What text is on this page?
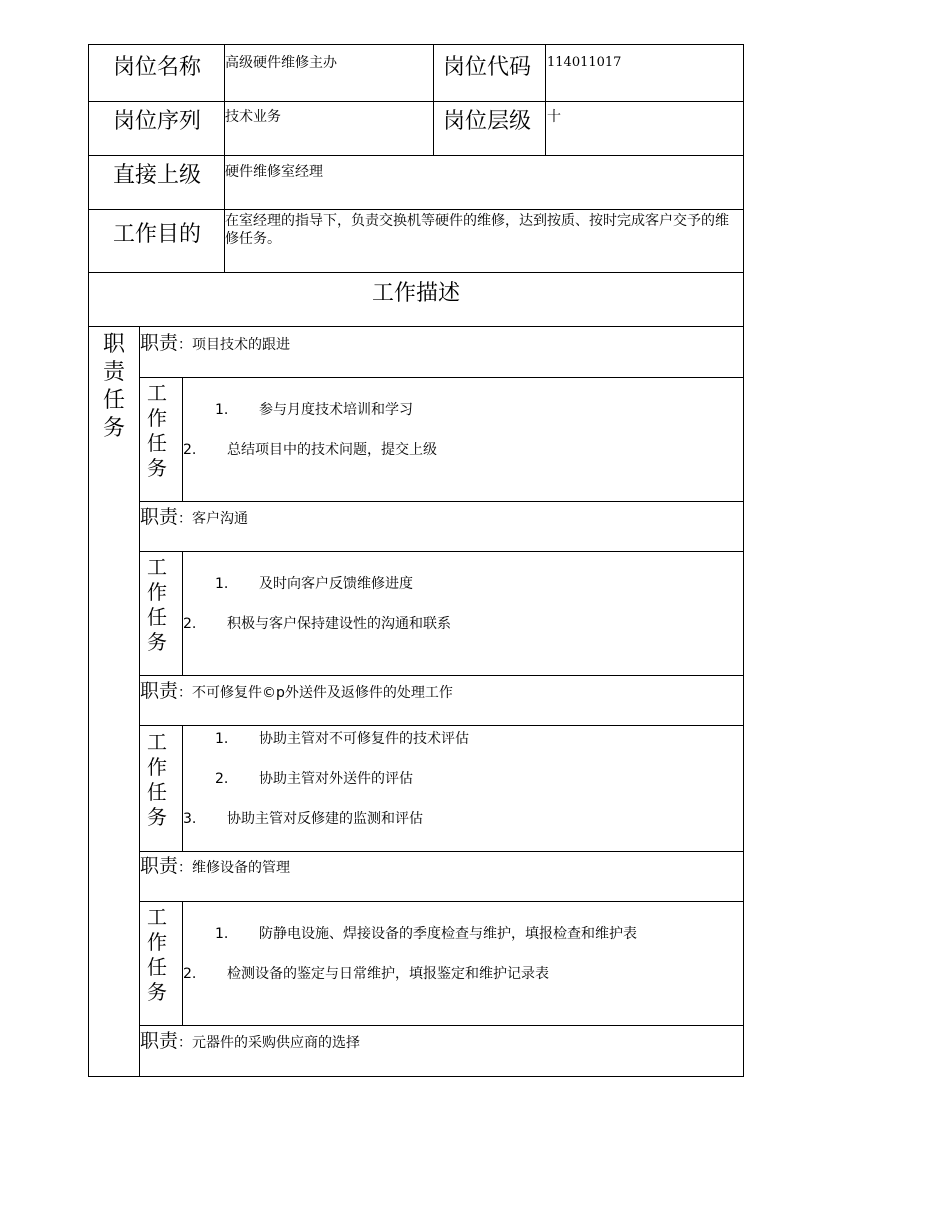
岗位名称 高级硬件维修主办	岗位代码 114011017
岗位序列 技术业务	岗位层级 十
直接上级 硬件维修室经理
工作目的
在室经理的指导下，负责交换机等硬件的维修，达到按质、按时完成客户交予的维修任务。
工作描述
职
责
任
务
职责：项目技术的跟进
工
作
任
务
1. 参与月度技术培训和学习
2. 总结项目中的技术问题，提交上级
职责：客户沟通
工
作
任
务
1. 及时向客户反馈维修进度
2. 积极与客户保持建设性的沟通和联系
职责：不可修复件©p外送件及返修件的处理工作
工
作
任
务
1. 协助主管对不可修复件的技术评估
2. 协助主管对外送件的评估
3. 协助主管对反修建的监测和评估
职责：维修设备的管理
工
作
任
务
1. 防静电设施、焊接设备的季度检查与维护，填报检查和维护表
2. 检测设备的鉴定与日常维护，填报鉴定和维护记录表
职责：元器件的采购供应商的选择
